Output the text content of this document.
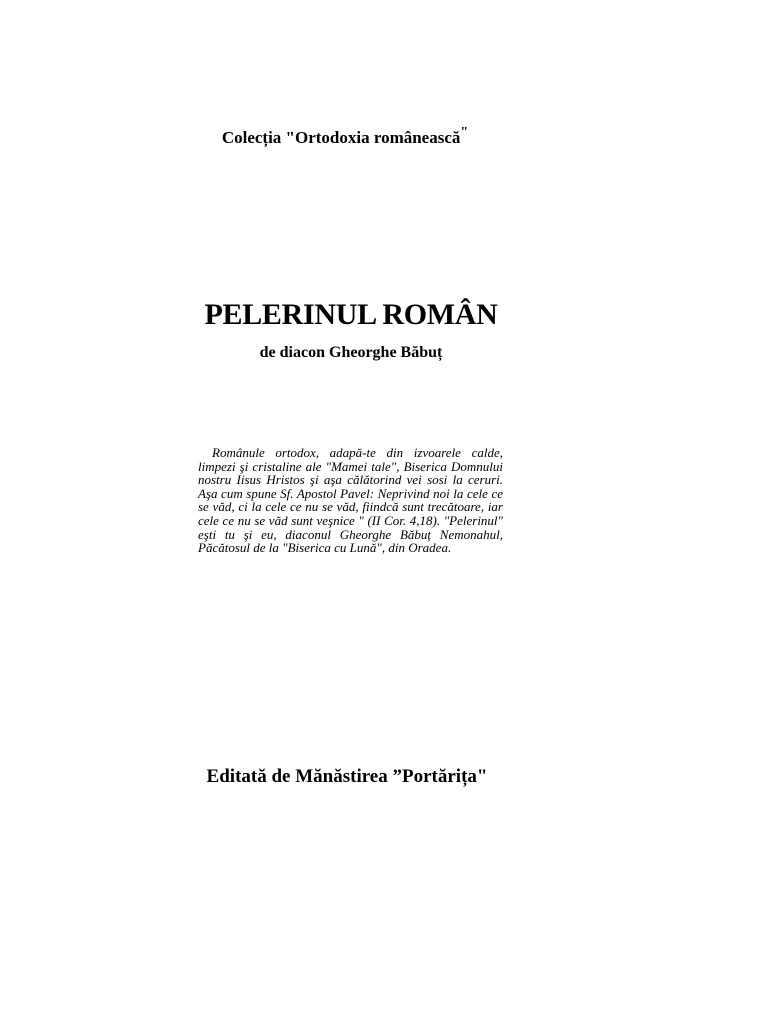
Colecția "Ortodoxia românească"
PELERINUL ROMÂN
de diacon Gheorghe Băbuț

Românule ortodox, adapă-te din izvoarele calde, limpezi şi cristaline ale "Mamei tale", Biserica Domnului nostru Iisus Hristos şi aşa călătorind vei sosi la ceruri. Aşa cum spune Sf. Apostol Pavel: Neprivind noi la cele ce se văd, ci la cele ce nu se văd, fiindcă sunt trecătoare, iar cele ce nu se văd sunt veşnice " (II Cor. 4,18). "Pelerinul" eşti tu şi eu, diaconul Gheorghe Băbuț Nemonahul, Păcătosul de la "Biserica cu Lună", din Oradea.

Editată de Mănăstirea ”Portărița"
